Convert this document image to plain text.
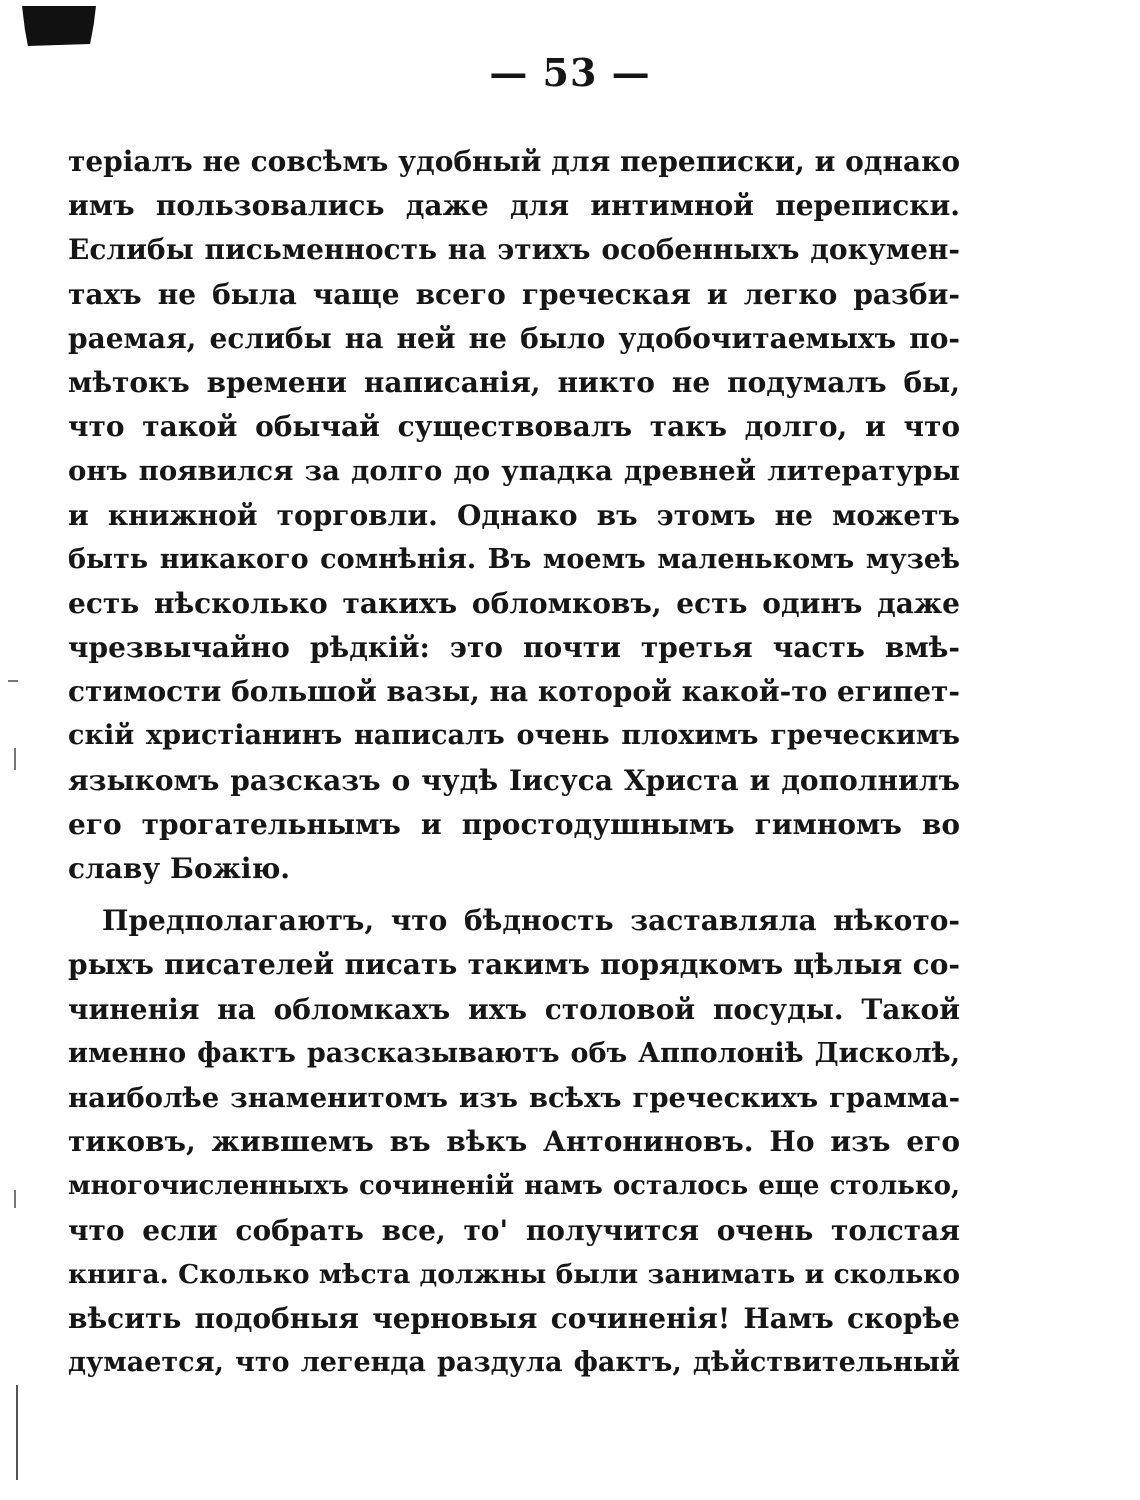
— 53 —
теріалъ не совсѣмъ удобный для переписки, и однако
имъ пользовались даже для интимной переписки.
Еслибы письменность на этихъ особенныхъ докумен-
тахъ не была чаще всего греческая и легко разби-
раемая, еслибы на ней не было удобочитаемыхъ по-
мѣтокъ времени написанія, никто не подумалъ бы,
что такой обычай существовалъ такъ долго, и что
онъ появился за долго до упадка древней литературы
и книжной торговли. Однако въ этомъ не можетъ
быть никакого сомнѣнія. Въ моемъ маленькомъ музеѣ
есть нѣсколько такихъ обломковъ, есть одинъ даже
чрезвычайно рѣдкій: это почти третья часть вмѣ-
стимости большой вазы, на которой какой-то египет-
скій христіанинъ написалъ очень плохимъ греческимъ
языкомъ разсказъ о чудѣ Іисуса Христа и дополнилъ
его трогательнымъ и простодушнымъ гимномъ во
славу Божію.
Предполагаютъ, что бѣдность заставляла нѣкото-
рыхъ писателей писать такимъ порядкомъ цѣлыя со-
чиненія на обломкахъ ихъ столовой посуды. Такой
именно фактъ разсказываютъ объ Апполоніѣ Дисколѣ,
наиболѣе знаменитомъ изъ всѣхъ греческихъ грамма-
тиковъ, жившемъ въ вѣкъ Антониновъ. Но изъ его
многочисленныхъ сочиненій намъ осталось еще столько,
что если собрать все, то' получится очень толстая
книга. Сколько мѣста должны были занимать и сколько
вѣсить подобныя черновыя сочиненія! Намъ скорѣе
думается, что легенда раздула фактъ, дѣйствительный
